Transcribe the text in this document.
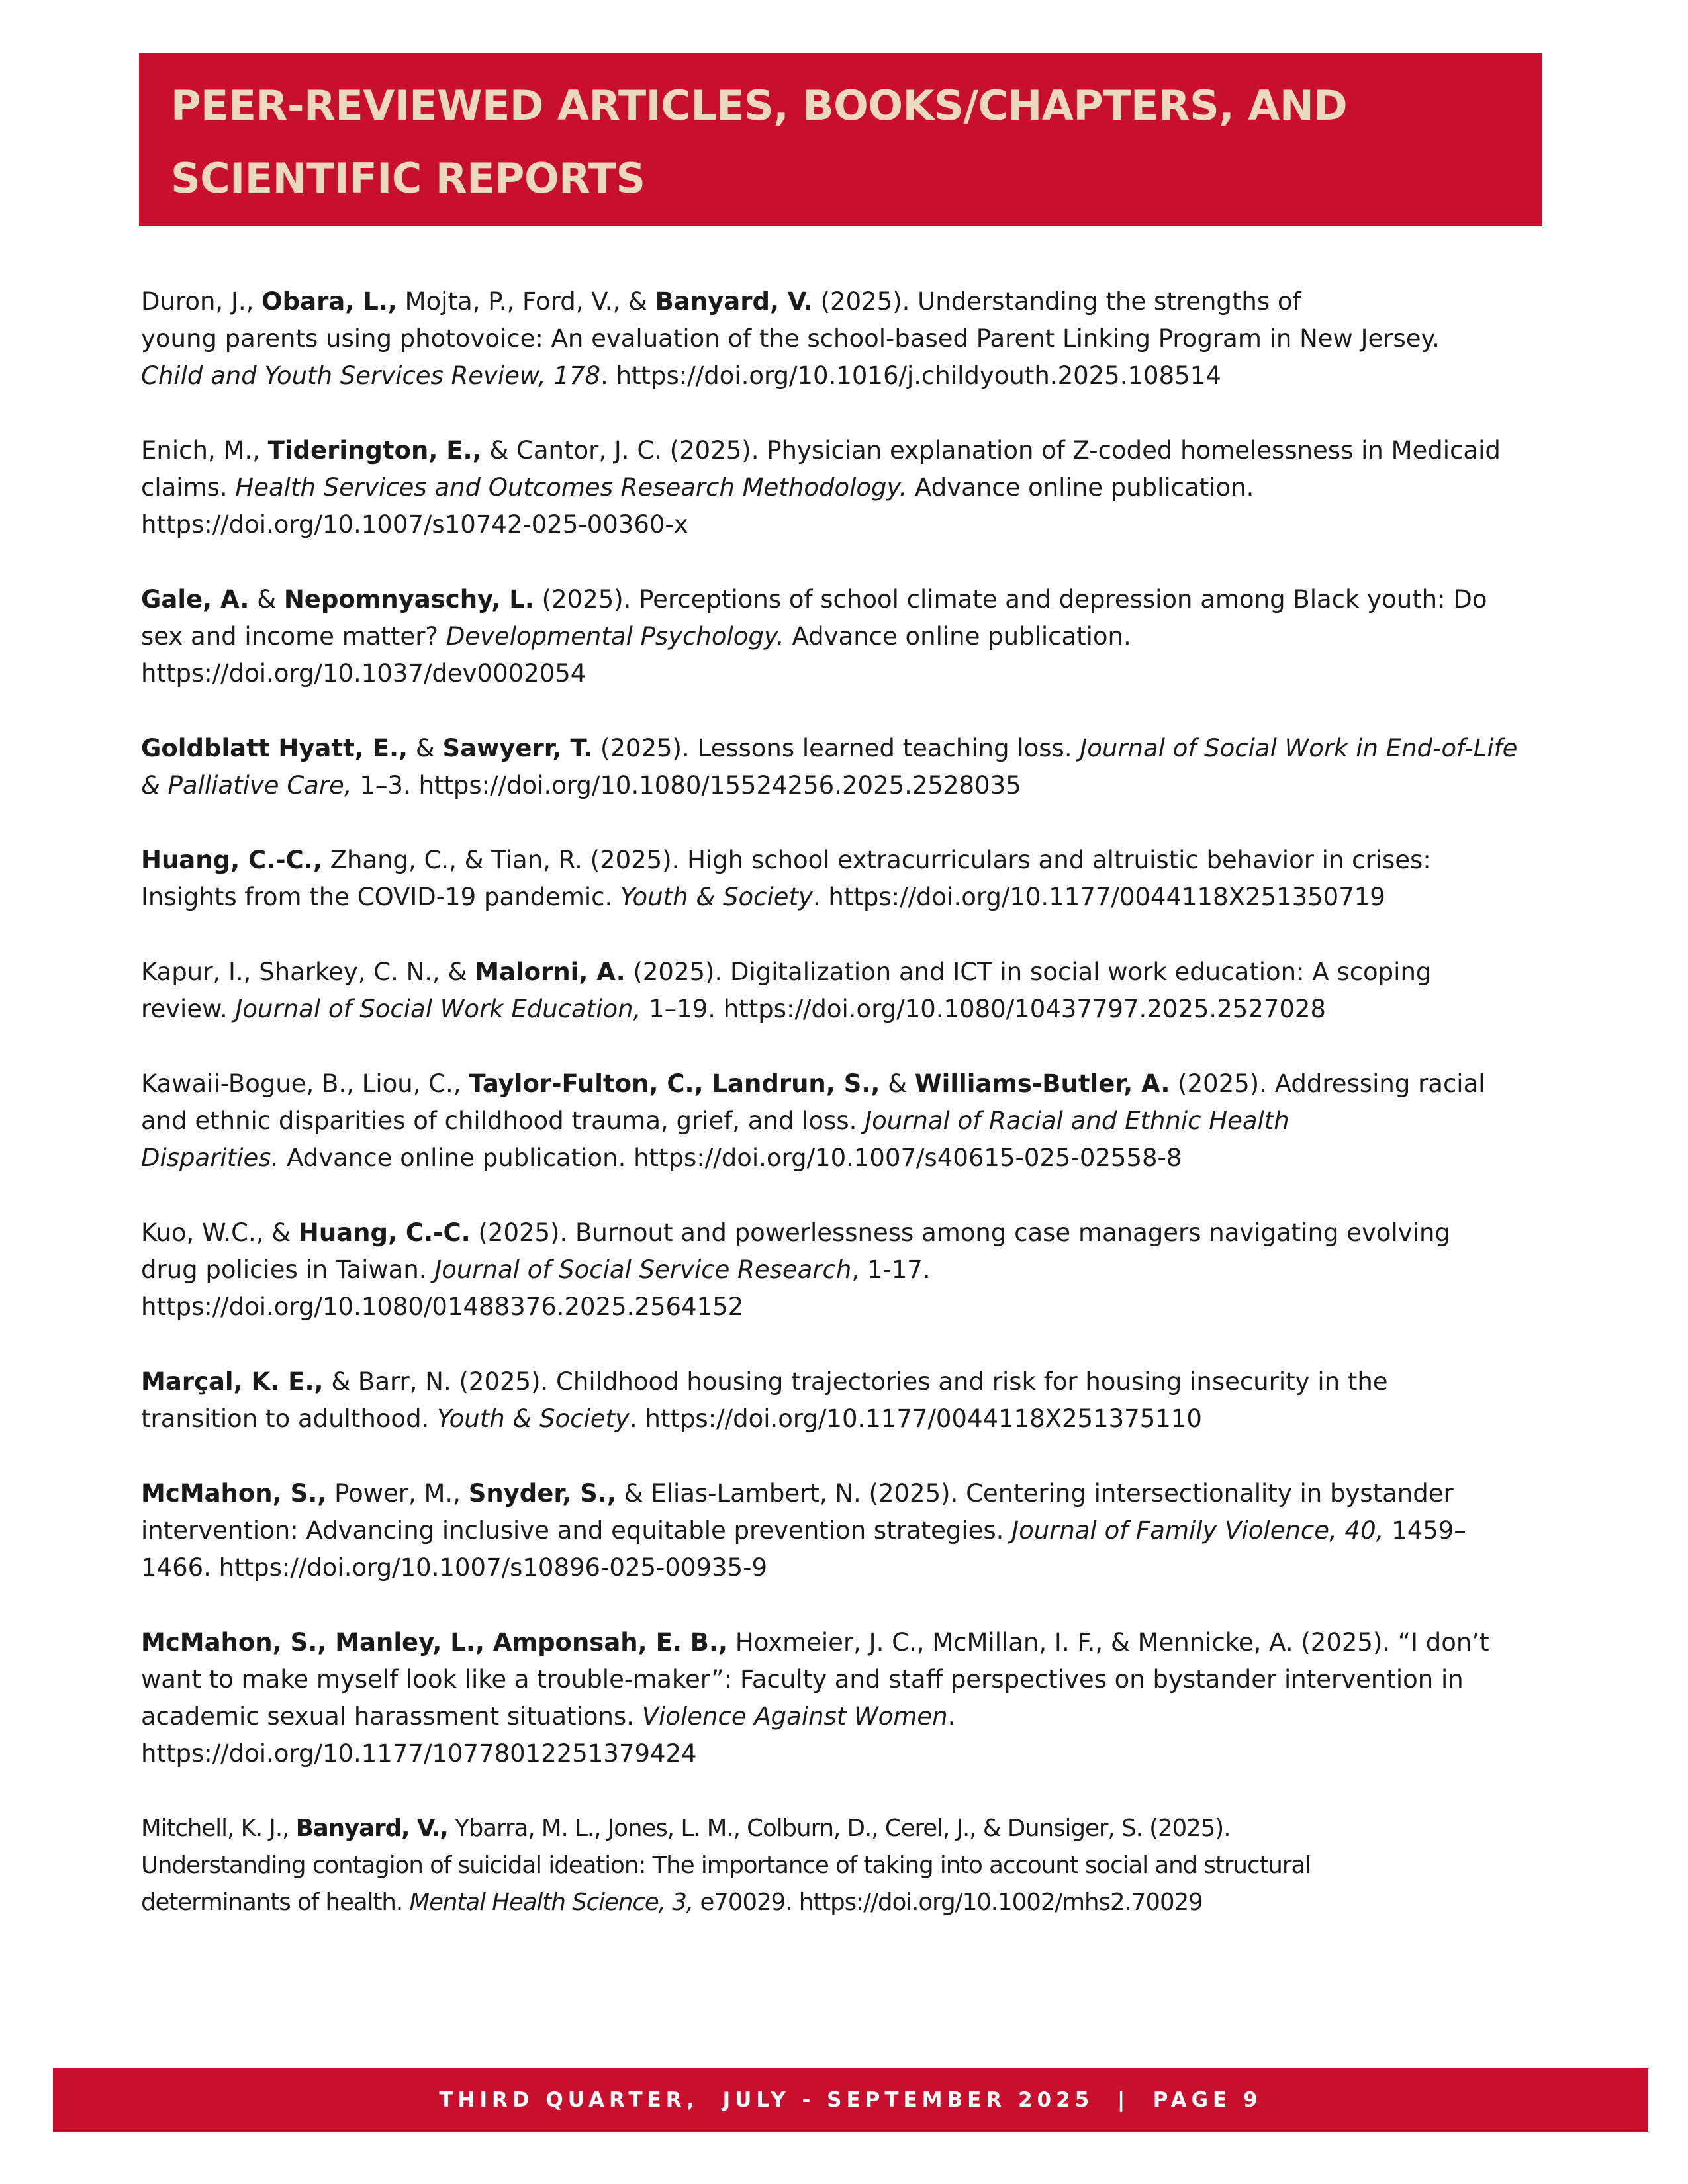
PEER-REVIEWED ARTICLES, BOOKS/CHAPTERS, AND
SCIENTIFIC REPORTS

Duron, J., Obara, L., Mojta, P., Ford, V., & Banyard, V. (2025). Understanding the strengths of
young parents using photovoice: An evaluation of the school-based Parent Linking Program in New Jersey.
Child and Youth Services Review, 178. https://doi.org/10.1016/j.childyouth.2025.108514

Enich, M., Tiderington, E., & Cantor, J. C. (2025). Physician explanation of Z-coded homelessness in Medicaid
claims. Health Services and Outcomes Research Methodology. Advance online publication.
https://doi.org/10.1007/s10742-025-00360-x

Gale, A. & Nepomnyaschy, L. (2025). Perceptions of school climate and depression among Black youth: Do
sex and income matter? Developmental Psychology. Advance online publication.
https://doi.org/10.1037/dev0002054

Goldblatt Hyatt, E., & Sawyerr, T. (2025). Lessons learned teaching loss. Journal of Social Work in End-of-Life
& Palliative Care, 1–3. https://doi.org/10.1080/15524256.2025.2528035

Huang, C.-C., Zhang, C., & Tian, R. (2025). High school extracurriculars and altruistic behavior in crises:
Insights from the COVID-19 pandemic. Youth & Society. https://doi.org/10.1177/0044118X251350719

Kapur, I., Sharkey, C. N., & Malorni, A. (2025). Digitalization and ICT in social work education: A scoping
review. Journal of Social Work Education, 1–19. https://doi.org/10.1080/10437797.2025.2527028

Kawaii-Bogue, B., Liou, C., Taylor-Fulton, C., Landrun, S., & Williams-Butler, A. (2025). Addressing racial
and ethnic disparities of childhood trauma, grief, and loss. Journal of Racial and Ethnic Health
Disparities. Advance online publication. https://doi.org/10.1007/s40615-025-02558-8

Kuo, W.C., & Huang, C.-C. (2025). Burnout and powerlessness among case managers navigating evolving
drug policies in Taiwan. Journal of Social Service Research, 1-17.
https://doi.org/10.1080/01488376.2025.2564152

Marçal, K. E., & Barr, N. (2025). Childhood housing trajectories and risk for housing insecurity in the
transition to adulthood. Youth & Society. https://doi.org/10.1177/0044118X251375110

McMahon, S., Power, M., Snyder, S., & Elias-Lambert, N. (2025). Centering intersectionality in bystander
intervention: Advancing inclusive and equitable prevention strategies. Journal of Family Violence, 40, 1459–
1466. https://doi.org/10.1007/s10896-025-00935-9

McMahon, S., Manley, L., Amponsah, E. B., Hoxmeier, J. C., McMillan, I. F., & Mennicke, A. (2025). “I don’t
want to make myself look like a trouble-maker”: Faculty and staff perspectives on bystander intervention in
academic sexual harassment situations. Violence Against Women.
https://doi.org/10.1177/10778012251379424

Mitchell, K. J., Banyard, V., Ybarra, M. L., Jones, L. M., Colburn, D., Cerel, J., & Dunsiger, S. (2025).
Understanding contagion of suicidal ideation: The importance of taking into account social and structural
determinants of health. Mental Health Science, 3, e70029. https://doi.org/10.1002/mhs2.70029

THIRD QUARTER,  JULY - SEPTEMBER 2025  |  PAGE 9
